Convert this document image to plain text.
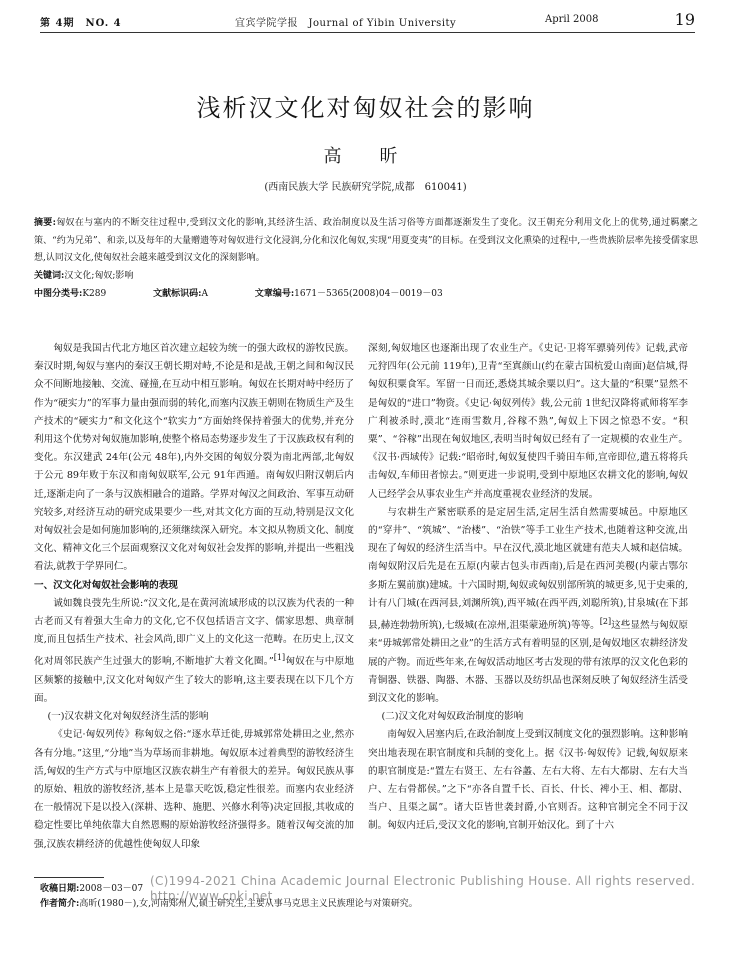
第 4期　NO. 4	宜宾学院学报　Journal of Yibin University	April 2008	19
浅析汉文化对匈奴社会的影响
高　昕
(西南民族大学 民族研究学院,成都　610041)
摘要:匈奴在与塞内的不断交往过程中,受到汉文化的影响,其经济生活、政治制度以及生活习俗等方面都逐渐发生了变化。汉王朝充分利用文化上的优势,通过羁縻之策、“约为兄弟”、和亲,以及每年的大量赠遗等对匈奴进行文化浸润,分化和汉化匈奴,实现“用夏变夷”的目标。在受到汉文化熏染的过程中,一些贵族阶层率先接受儒家思想,认同汉文化,使匈奴社会越来越受到汉文化的深刻影响。
关键词:汉文化;匈奴;影响
中图分类号:K289	文献标识码:A	文章编号:1671－5365(2008)04－0019－03

匈奴是我国古代北方地区首次建立起较为统一的强大政权的游牧民族。秦汉时期,匈奴与塞内的秦汉王朝长期对峙,不论是和是战,王朝之间和匈汉民众不间断地接触、交流、碰撞,在互动中相互影响。匈奴在长期对峙中经历了作为“硬实力”的军事力量由强而弱的转化,而塞内汉族王朝则在物质生产及生产技术的“硬实力”和文化这个“软实力”方面始终保持着强大的优势,并充分利用这个优势对匈奴施加影响,使整个格局态势逐步发生了于汉族政权有利的变化。东汉建武 24年(公元 48年),内外交困的匈奴分裂为南北两部,北匈奴于公元 89年败于东汉和南匈奴联军,公元 91年西遁。南匈奴归附汉朝后内迁,逐渐走向了一条与汉族相融合的道路。学界对匈汉之间政治、军事互动研究较多,对经济互动的研究成果要少一些,对其文化方面的互动,特别是汉文化对匈奴社会是如何施加影响的,还须继续深入研究。本文拟从物质文化、制度文化、精神文化三个层面观察汉文化对匈奴社会发挥的影响,并提出一些粗浅看法,就教于学界同仁。

一、汉文化对匈奴社会影响的表现

诚如魏良弢先生所说:“汉文化,是在黄河流域形成的以汉族为代表的一种古老而又有着强大生命力的文化,它不仅包括语言文字、儒家思想、典章制度,而且包括生产技术、社会风尚,即广义上的文化这一范畴。在历史上,汉文化对周邻民族产生过强大的影响,不断地扩大着文化圈。”[1]匈奴在与中原地区频繁的接触中,汉文化对匈奴产生了较大的影响,这主要表现在以下几个方面。

(一)汉农耕文化对匈奴经济生活的影响

《史记·匈奴列传》称匈奴之俗:“逐水草迁徙,毋城郭常处耕田之业,然亦各有分地。”这里,“分地”当为草场而非耕地。匈奴原本过着典型的游牧经济生活,匈奴的生产方式与中原地区汉族农耕生产有着很大的差异。匈奴民族从事的原始、粗放的游牧经济,基本上是靠天吃饭,稳定性很差。而塞内农业经济在一般情况下是以投入(深耕、选种、施肥、兴修水利等)决定回报,其收成的稳定性要比单纯依靠大自然恩赐的原始游牧经济强得多。随着汉匈交流的加强,汉族农耕经济的优越性使匈奴人印象

深刻,匈奴地区也逐渐出现了农业生产。《史记·卫将军骠骑列传》记载,武帝元狩四年(公元前 119年),卫青“至寘颜山(约在蒙古国杭爱山南面)赵信城,得匈奴积粟食军。军留一日而还,悉烧其城余粟以归”。这大量的“积粟”显然不是匈奴的“进口”物资。《史记·匈奴列传》载,公元前 1世纪汉降将贰师将军李广利被杀时,漠北“连雨雪数月,谷稼不熟”,匈奴上下因之惊恐不安。“积粟”、“谷稼”出现在匈奴地区,表明当时匈奴已经有了一定规模的农业生产。《汉书·西域传》记载:“昭帝时,匈奴复使四千骑田车师,宣帝即位,遣五将将兵击匈奴,车师田者惊去。”则更进一步说明,受到中原地区农耕文化的影响,匈奴人已经学会从事农业生产并高度重视农业经济的发展。

与农耕生产紧密联系的是定居生活,定居生活自然需要城邑。中原地区的“穿井”、“筑城”、“治楼”、“治铁”等手工业生产技术,也随着这种交流,出现在了匈奴的经济生活当中。早在汉代,漠北地区就建有范夫人城和赵信城。南匈奴附汉后先是在五原(内蒙古包头市西南),后是在西河美稷(内蒙古鄂尔多斯左翼前旗)建城。十六国时期,匈奴或匈奴别部所筑的城更多,见于史乘的,计有八门城(在西河县,刘渊所筑),西平城(在西平西,刘聪所筑),甘泉城(在下邽县,赫连勃勃所筑),七级城(在凉州,沮渠蒙逊所筑)等等。[2]这些显然与匈奴原来“毋城郭常处耕田之业”的生活方式有着明显的区别,是匈奴地区农耕经济发展的产物。而近些年来,在匈奴活动地区考古发现的带有浓厚的汉文化色彩的青铜器、铁器、陶器、木器、玉器以及纺织品也深刻反映了匈奴经济生活受到汉文化的影响。

(二)汉文化对匈奴政治制度的影响

南匈奴入居塞内后,在政治制度上受到汉制度文化的强烈影响。这种影响突出地表现在职官制度和兵制的变化上。据《汉书·匈奴传》记载,匈奴原来的职官制度是:“置左右贤王、左右谷蠡、左右大将、左右大都尉、左右大当户、左右骨都侯。”之下“亦各自置千长、百长、什长、裨小王、相、都尉、当户、且渠之属”。诸大臣皆世袭封爵,小官则否。这种官制完全不同于汉制。匈奴内迁后,受汉文化的影响,官制开始汉化。到了十六

(C)1994-2021 China Academic Journal Electronic Publishing House. All rights reserved.　http://www.cnki.net
收稿日期:2008－03－07
作者简介:高昕(1980－),女,河南郑州人,硕士研究生,主要从事马克思主义民族理论与对策研究。
